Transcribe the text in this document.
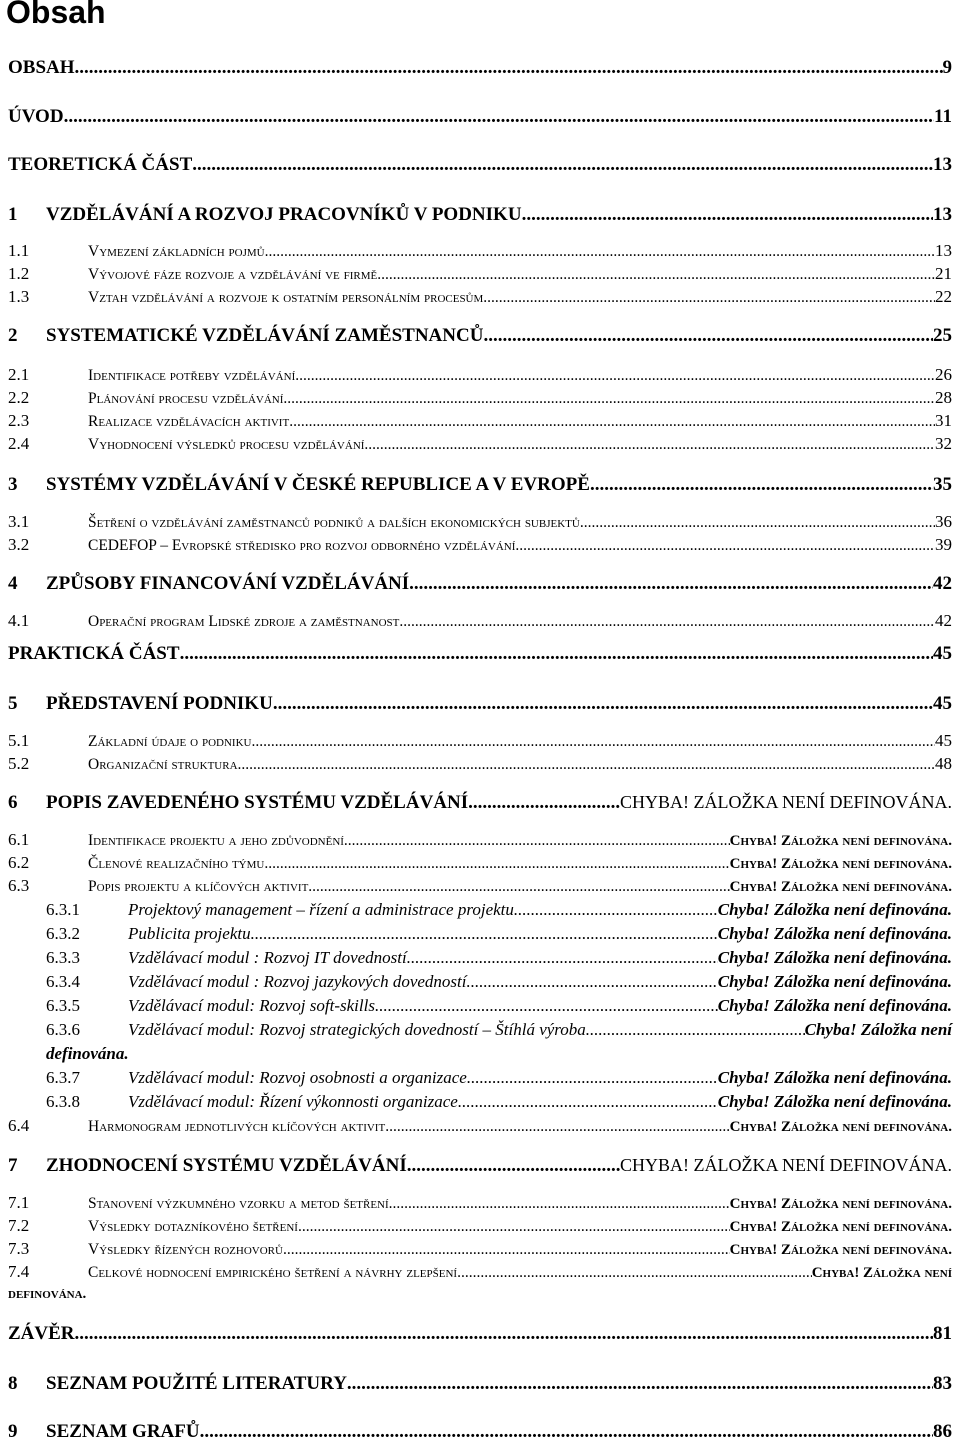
Obsah
OBSAH .....	9
ÚVOD .....	11
TEORETICKÁ ČÁST .....	13
1	VZDĚLÁVÁNÍ A ROZVOJ PRACOVNÍKŮ V PODNIKU .....	13
1.1	Vymezení základních pojmů .....	13
1.2	Vývojové fáze rozvoje a vzdělávání ve firmě .....	21
1.3	Vztah vzdělávání a rozvoje k ostatním personálním procesům .....	22
2	SYSTEMATICKÉ VZDĚLÁVÁNÍ ZAMĚSTNANCŮ .....	25
2.1	Identifikace potřeby vzdělávání .....	26
2.2	Plánování procesu vzdělávání .....	28
2.3	Realizace vzdělávacích aktivit .....	31
2.4	Vyhodnocení výsledků procesu vzdělávání .....	32
3	SYSTÉMY VZDĚLÁVÁNÍ V ČESKÉ REPUBLICE A V EVROPĚ .....	35
3.1	Šetření o vzdělávání zaměstnanců podniků a dalších ekonomických subjektů .....	36
3.2	CEDEFOP – Evropské středisko pro rozvoj odborného vzdělávání .....	39
4	ZPŮSOBY FINANCOVÁNÍ VZDĚLÁVÁNÍ .....	42
4.1	Operační program Lidské zdroje a zaměstnanost .....	42
PRAKTICKÁ ČÁST .....	45
5	PŘEDSTAVENÍ PODNIKU .....	45
5.1	Základní údaje o podniku .....	45
5.2	Organizační struktura .....	48
6	POPIS ZAVEDENÉHO SYSTÉMU VZDĚLÁVÁNÍ .....	CHYBA! ZÁLOŽKA NENÍ DEFINOVÁNA.
6.1	Identifikace projektu a jeho zdůvodnění .....	Chyba! Záložka není definována.
6.2	Členové realizačního týmu .....	Chyba! Záložka není definována.
6.3	Popis projektu a klíčových aktivit .....	Chyba! Záložka není definována.
6.3.1	Projektový management – řízení a administrace projektu .....	Chyba! Záložka není definována.
6.3.2	Publicita projektu .....	Chyba! Záložka není definována.
6.3.3	Vzdělávací modul : Rozvoj IT dovedností .....	Chyba! Záložka není definována.
6.3.4	Vzdělávací modul : Rozvoj jazykových dovedností .....	Chyba! Záložka není definována.
6.3.5	Vzdělávací modul: Rozvoj soft-skills .....	Chyba! Záložka není definována.
6.3.6	Vzdělávací modul: Rozvoj strategických dovedností – Štíhlá výroba .....	Chyba! Záložka není
definována.
6.3.7	Vzdělávací modul: Rozvoj osobnosti a organizace .....	Chyba! Záložka není definována.
6.3.8	Vzdělávací modul: Řízení výkonnosti organizace .....	Chyba! Záložka není definována.
6.4	Harmonogram jednotlivých klíčových aktivit .....	Chyba! Záložka není definována.
7	ZHODNOCENÍ SYSTÉMU VZDĚLÁVÁNÍ .....	CHYBA! ZÁLOŽKA NENÍ DEFINOVÁNA.
7.1	Stanovení výzkumného vzorku a metod šetření .....	Chyba! Záložka není definována.
7.2	Výsledky dotazníkového šetření .....	Chyba! Záložka není definována.
7.3	Výsledky řízených rozhovorů .....	Chyba! Záložka není definována.
7.4	Celkové hodnocení empirického šetření a návrhy zlepšení .....	Chyba! Záložka není
definována.
ZÁVĚR .....	81
8	SEZNAM POUŽITÉ LITERATURY .....	83
9	SEZNAM GRAFŮ .....	86
